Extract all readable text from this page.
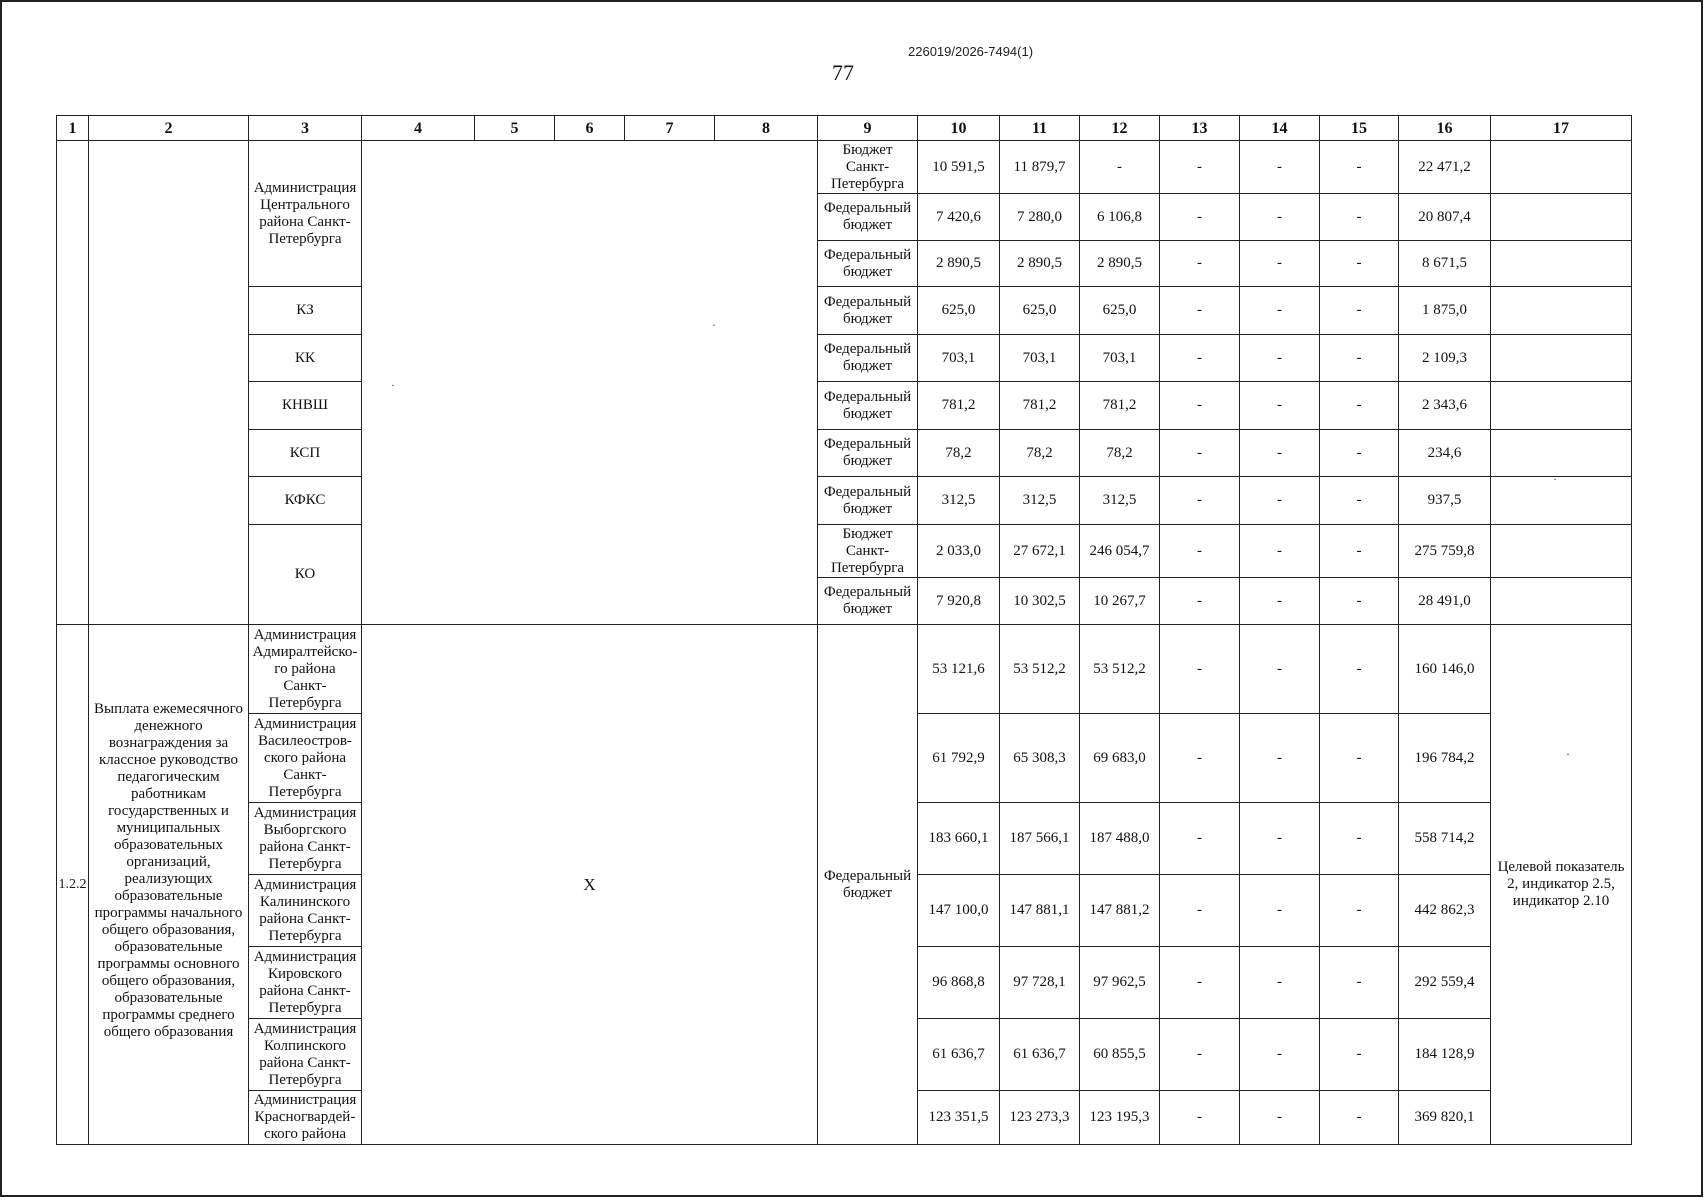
226019/2026-7494(1)
77
·
·
·
·
1	2	3	4	5	6	7	8	9	10	11	12	13	14	15	16	17
		Администрация Центрального района Санкт-Петербурга						Бюджет Санкт-Петербурга	10 591,5	11 879,7	-	-	-	-	22 471,2	
								Федеральный бюджет	7 420,6	7 280,0	6 106,8	-	-	-	20 807,4	
								Федеральный бюджет	2 890,5	2 890,5	2 890,5	-	-	-	8 671,5	
		КЗ						Федеральный бюджет	625,0	625,0	625,0	-	-	-	1 875,0	
		КК						Федеральный бюджет	703,1	703,1	703,1	-	-	-	2 109,3	
		КНВШ						Федеральный бюджет	781,2	781,2	781,2	-	-	-	2 343,6	
		КСП						Федеральный бюджет	78,2	78,2	78,2	-	-	-	234,6	
		КФКС						Федеральный бюджет	312,5	312,5	312,5	-	-	-	937,5	
		КО						Бюджет Санкт-Петербурга	2 033,0	27 672,1	246 054,7	-	-	-	275 759,8	
								Федеральный бюджет	7 920,8	10 302,5	10 267,7	-	-	-	28 491,0	
1.2.2	Выплата ежемесячного денежного вознаграждения за классное руководство педагогическим работникам государственных и муниципальных образовательных организаций, реализующих образовательные программы начального общего образования, образовательные программы основного общего образования, образовательные программы среднего общего образования	Администрация Адмиралтейско-го района Санкт-Петербурга	X					Федеральный бюджет	53 121,6	53 512,2	53 512,2	-	-	-	160 146,0	Целевой показатель 2, индикатор 2.5, индикатор 2.10
		Администрация Василеостров-ского района Санкт-Петербурга							61 792,9	65 308,3	69 683,0	-	-	-	196 784,2	
		Администрация Выборгского района Санкт-Петербурга							183 660,1	187 566,1	187 488,0	-	-	-	558 714,2	
		Администрация Калининского района Санкт-Петербурга							147 100,0	147 881,1	147 881,2	-	-	-	442 862,3	
		Администрация Кировского района Санкт-Петербурга							96 868,8	97 728,1	97 962,5	-	-	-	292 559,4	
		Администрация Колпинского района Санкт-Петербурга							61 636,7	61 636,7	60 855,5	-	-	-	184 128,9	
		Администрация Красногвардей-ского района							123 351,5	123 273,3	123 195,3	-	-	-	369 820,1	
